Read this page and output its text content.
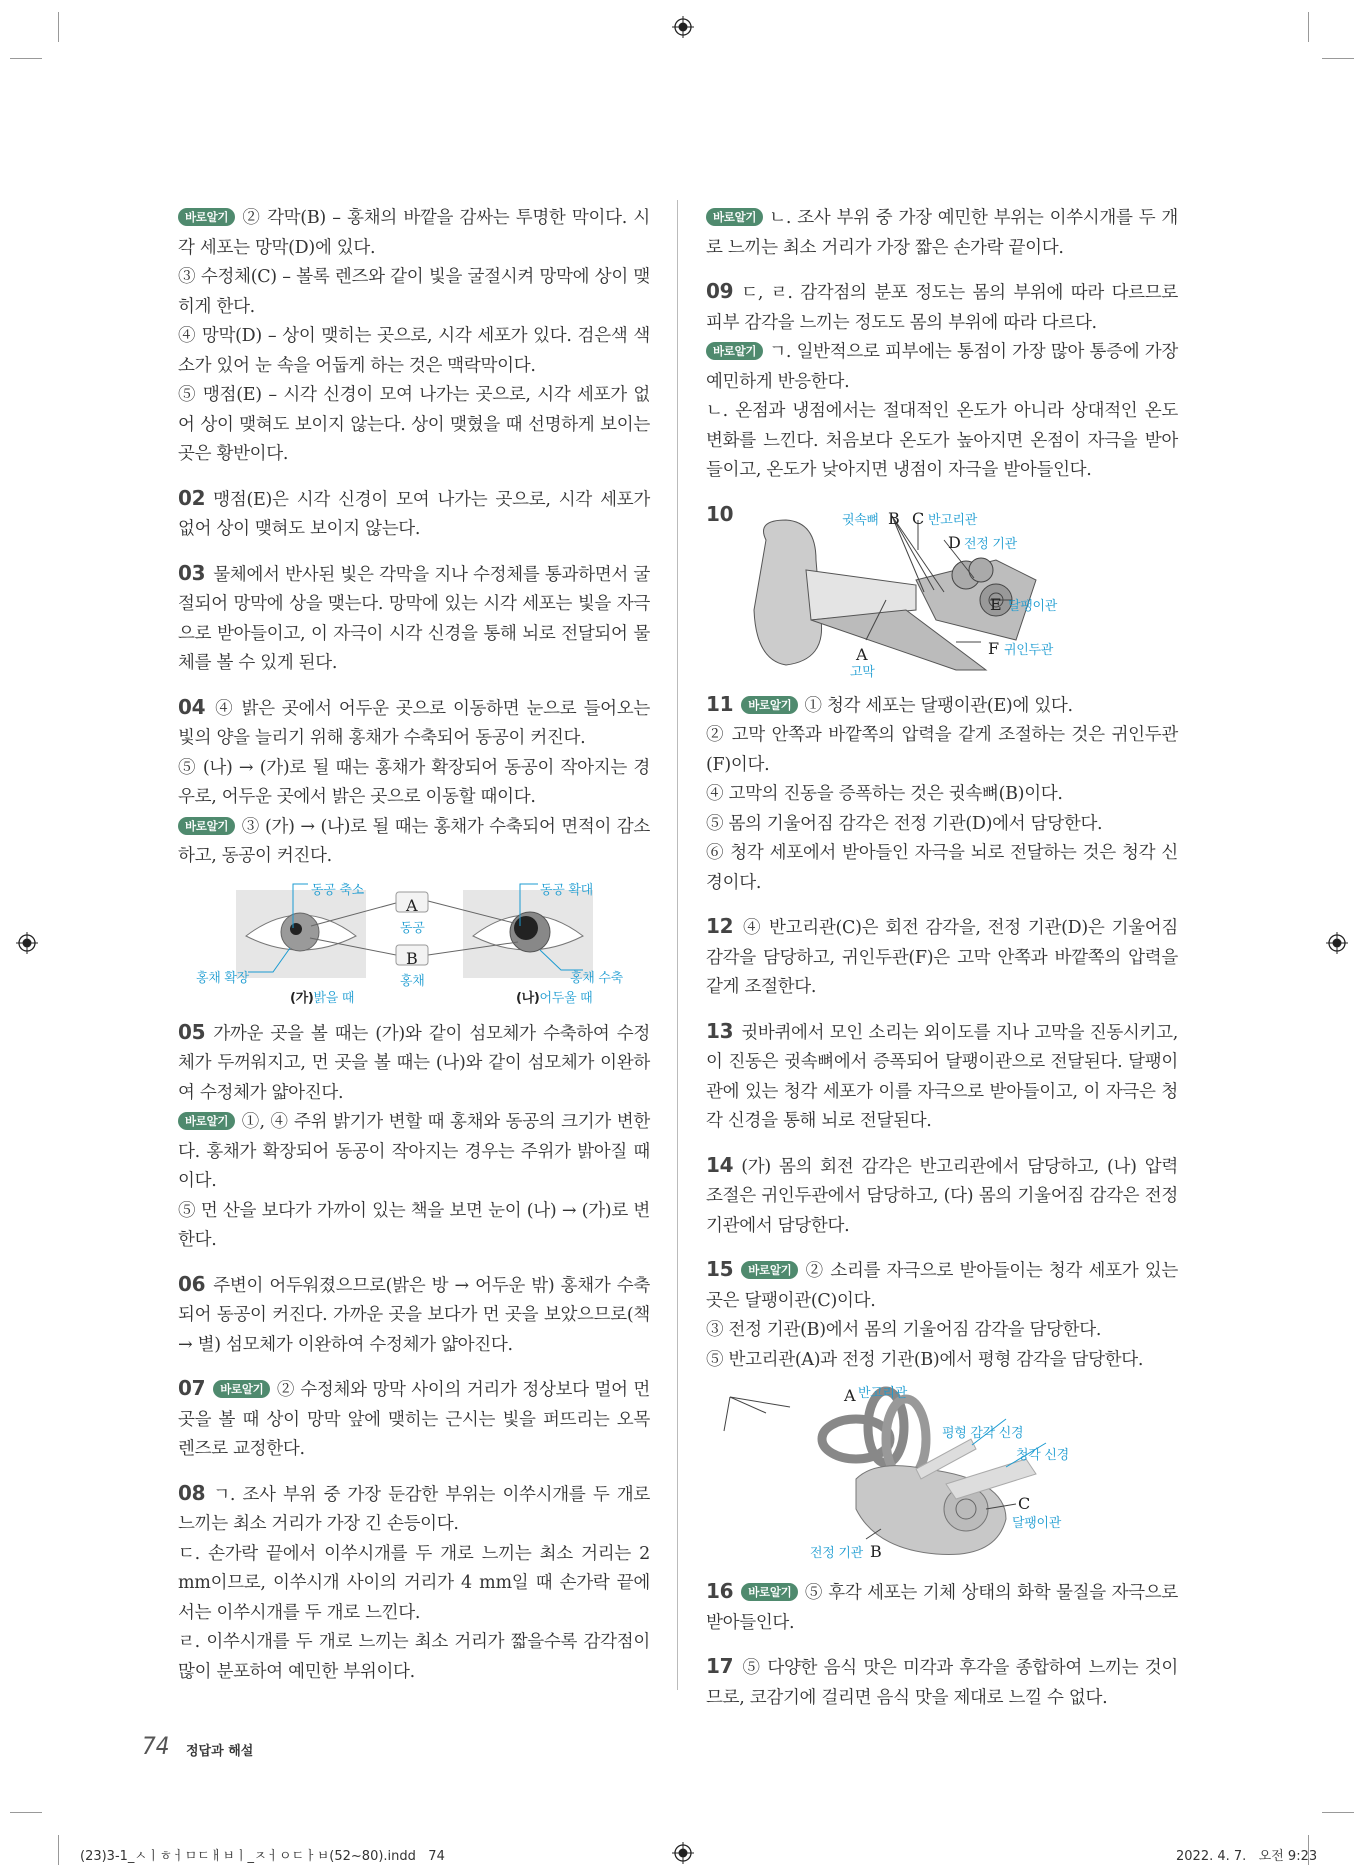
바로알기 ② 각막(B) – 홍채의 바깥을 감싸는 투명한 막이다. 시각 세포는 망막(D)에 있다.

③ 수정체(C) – 볼록 렌즈와 같이 빛을 굴절시켜 망막에 상이 맺히게 한다.

④ 망막(D) – 상이 맺히는 곳으로, 시각 세포가 있다. 검은색 색소가 있어 눈 속을 어둡게 하는 것은 맥락막이다.

⑤ 맹점(E) – 시각 신경이 모여 나가는 곳으로, 시각 세포가 없어 상이 맺혀도 보이지 않는다. 상이 맺혔을 때 선명하게 보이는 곳은 황반이다.

02 맹점(E)은 시각 신경이 모여 나가는 곳으로, 시각 세포가 없어 상이 맺혀도 보이지 않는다.

03 물체에서 반사된 빛은 각막을 지나 수정체를 통과하면서 굴절되어 망막에 상을 맺는다. 망막에 있는 시각 세포는 빛을 자극으로 받아들이고, 이 자극이 시각 신경을 통해 뇌로 전달되어 물체를 볼 수 있게 된다.

04 ④ 밝은 곳에서 어두운 곳으로 이동하면 눈으로 들어오는 빛의 양을 늘리기 위해 홍채가 수축되어 동공이 커진다.

⑤ (나) → (가)로 될 때는 홍채가 확장되어 동공이 작아지는 경우로, 어두운 곳에서 밝은 곳으로 이동할 때이다.

바로알기 ③ (가) → (나)로 될 때는 홍채가 수축되어 면적이 감소하고, 동공이 커진다.

동공 축소	동공 확대
홍채 확장	홍채 수축
A
동공
B
홍채
(가)밝을 때	(나)어두울 때

05 가까운 곳을 볼 때는 (가)와 같이 섬모체가 수축하여 수정체가 두꺼워지고, 먼 곳을 볼 때는 (나)와 같이 섬모체가 이완하여 수정체가 얇아진다.

바로알기 ①, ④ 주위 밝기가 변할 때 홍채와 동공의 크기가 변한다. 홍채가 확장되어 동공이 작아지는 경우는 주위가 밝아질 때이다.

⑤ 먼 산을 보다가 가까이 있는 책을 보면 눈이 (나) → (가)로 변한다.

06 주변이 어두워졌으므로(밝은 방 → 어두운 밖) 홍채가 수축되어 동공이 커진다. 가까운 곳을 보다가 먼 곳을 보았으므로(책 → 별) 섬모체가 이완하여 수정체가 얇아진다.

07 바로알기 ② 수정체와 망막 사이의 거리가 정상보다 멀어 먼 곳을 볼 때 상이 망막 앞에 맺히는 근시는 빛을 퍼뜨리는 오목 렌즈로 교정한다.

08 ㄱ. 조사 부위 중 가장 둔감한 부위는 이쑤시개를 두 개로 느끼는 최소 거리가 가장 긴 손등이다.

ㄷ. 손가락 끝에서 이쑤시개를 두 개로 느끼는 최소 거리는 2 mm이므로, 이쑤시개 사이의 거리가 4 mm일 때 손가락 끝에서는 이쑤시개를 두 개로 느낀다.

ㄹ. 이쑤시개를 두 개로 느끼는 최소 거리가 짧을수록 감각점이 많이 분포하여 예민한 부위이다.

바로알기 ㄴ. 조사 부위 중 가장 예민한 부위는 이쑤시개를 두 개로 느끼는 최소 거리가 가장 짧은 손가락 끝이다.

09 ㄷ, ㄹ. 감각점의 분포 정도는 몸의 부위에 따라 다르므로 피부 감각을 느끼는 정도도 몸의 부위에 따라 다르다.

바로알기 ㄱ. 일반적으로 피부에는 통점이 가장 많아 통증에 가장 예민하게 반응한다.

ㄴ. 온점과 냉점에서는 절대적인 온도가 아니라 상대적인 온도 변화를 느낀다. 처음보다 온도가 높아지면 온점이 자극을 받아들이고, 온도가 낮아지면 냉점이 자극을 받아들인다.

10	귓속뼈 B C 반고리관
D 전정 기관
E 달팽이관
F 귀인두관
A
고막

11 바로알기 ① 청각 세포는 달팽이관(E)에 있다.

② 고막 안쪽과 바깥쪽의 압력을 같게 조절하는 것은 귀인두관(F)이다.

④ 고막의 진동을 증폭하는 것은 귓속뼈(B)이다.

⑤ 몸의 기울어짐 감각은 전정 기관(D)에서 담당한다.

⑥ 청각 세포에서 받아들인 자극을 뇌로 전달하는 것은 청각 신경이다.

12 ④ 반고리관(C)은 회전 감각을, 전정 기관(D)은 기울어짐 감각을 담당하고, 귀인두관(F)은 고막 안쪽과 바깥쪽의 압력을 같게 조절한다.

13 귓바퀴에서 모인 소리는 외이도를 지나 고막을 진동시키고, 이 진동은 귓속뼈에서 증폭되어 달팽이관으로 전달된다. 달팽이관에 있는 청각 세포가 이를 자극으로 받아들이고, 이 자극은 청각 신경을 통해 뇌로 전달된다.

14 (가) 몸의 회전 감각은 반고리관에서 담당하고, (나) 압력 조절은 귀인두관에서 담당하고, (다) 몸의 기울어짐 감각은 전정 기관에서 담당한다.

15 바로알기 ② 소리를 자극으로 받아들이는 청각 세포가 있는 곳은 달팽이관(C)이다.

③ 전정 기관(B)에서 몸의 기울어짐 감각을 담당한다.

⑤ 반고리관(A)과 전정 기관(B)에서 평형 감각을 담당한다.

A 반고리관
평형 감각 신경
청각 신경
C
달팽이관
전정 기관 B

16 바로알기 ⑤ 후각 세포는 기체 상태의 화학 물질을 자극으로 받아들인다.

17 ⑤ 다양한 음식 맛은 미각과 후각을 종합하여 느끼는 것이므로, 코감기에 걸리면 음식 맛을 제대로 느낄 수 없다.

74 정답과 해설
(23)3-1_ㅅㅣㅎㅓㅁㄷㅐㅂㅣ_ㅈㅓㅇㄷㅏㅂ(52~80).indd   74	2022. 4. 7.   오전 9:23
